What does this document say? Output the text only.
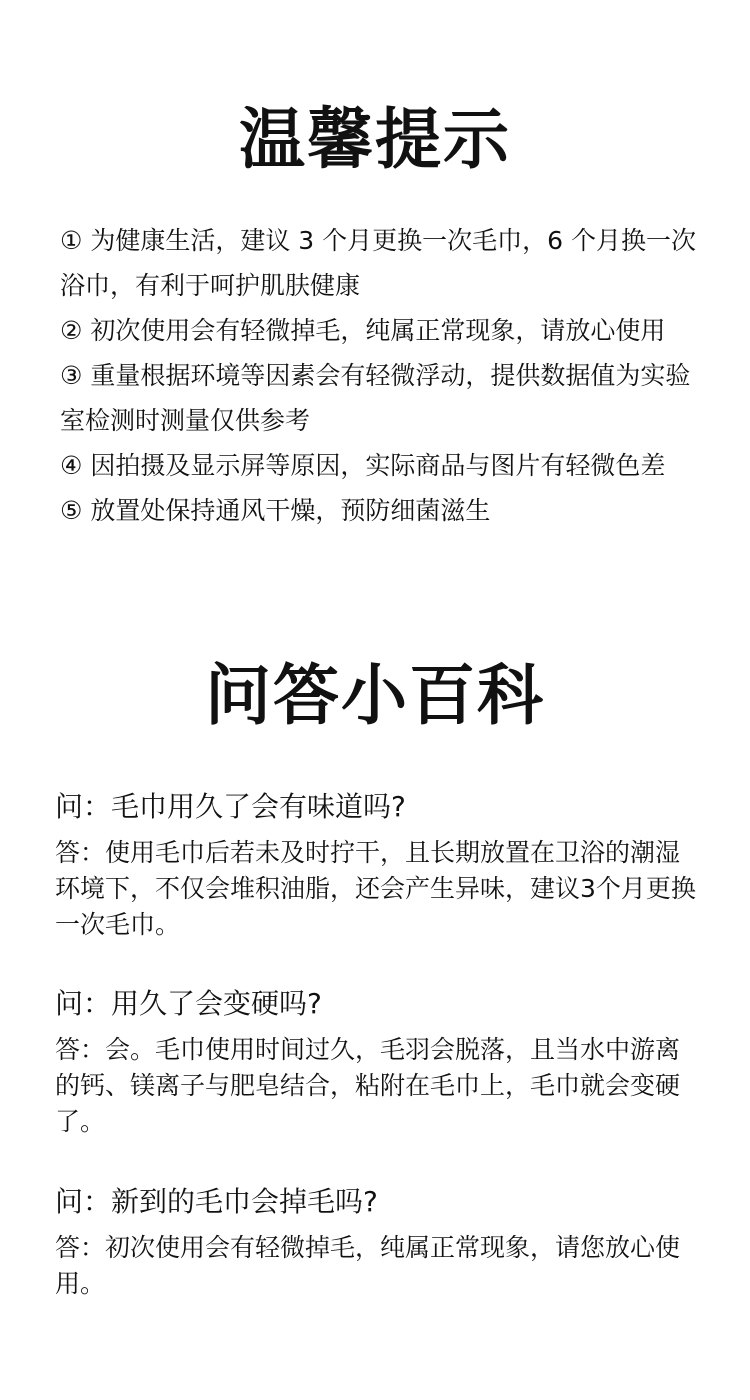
温馨提示
① 为健康生活，建议 3 个月更换一次毛巾，6 个月换一次浴巾，有利于呵护肌肤健康
② 初次使用会有轻微掉毛，纯属正常现象，请放心使用
③ 重量根据环境等因素会有轻微浮动，提供数据值为实验室检测时测量仅供参考
④ 因拍摄及显示屏等原因，实际商品与图片有轻微色差
⑤ 放置处保持通风干燥，预防细菌滋生
问答小百科

问：毛巾用久了会有味道吗?

答：使用毛巾后若未及时拧干，且长期放置在卫浴的潮湿环境下，不仅会堆积油脂，还会产生异味，建议3个月更换一次毛巾。

问：用久了会变硬吗?

答：会。毛巾使用时间过久，毛羽会脱落，且当水中游离的钙、镁离子与肥皂结合，粘附在毛巾上，毛巾就会变硬了。

问：新到的毛巾会掉毛吗?

答：初次使用会有轻微掉毛，纯属正常现象，请您放心使用。
